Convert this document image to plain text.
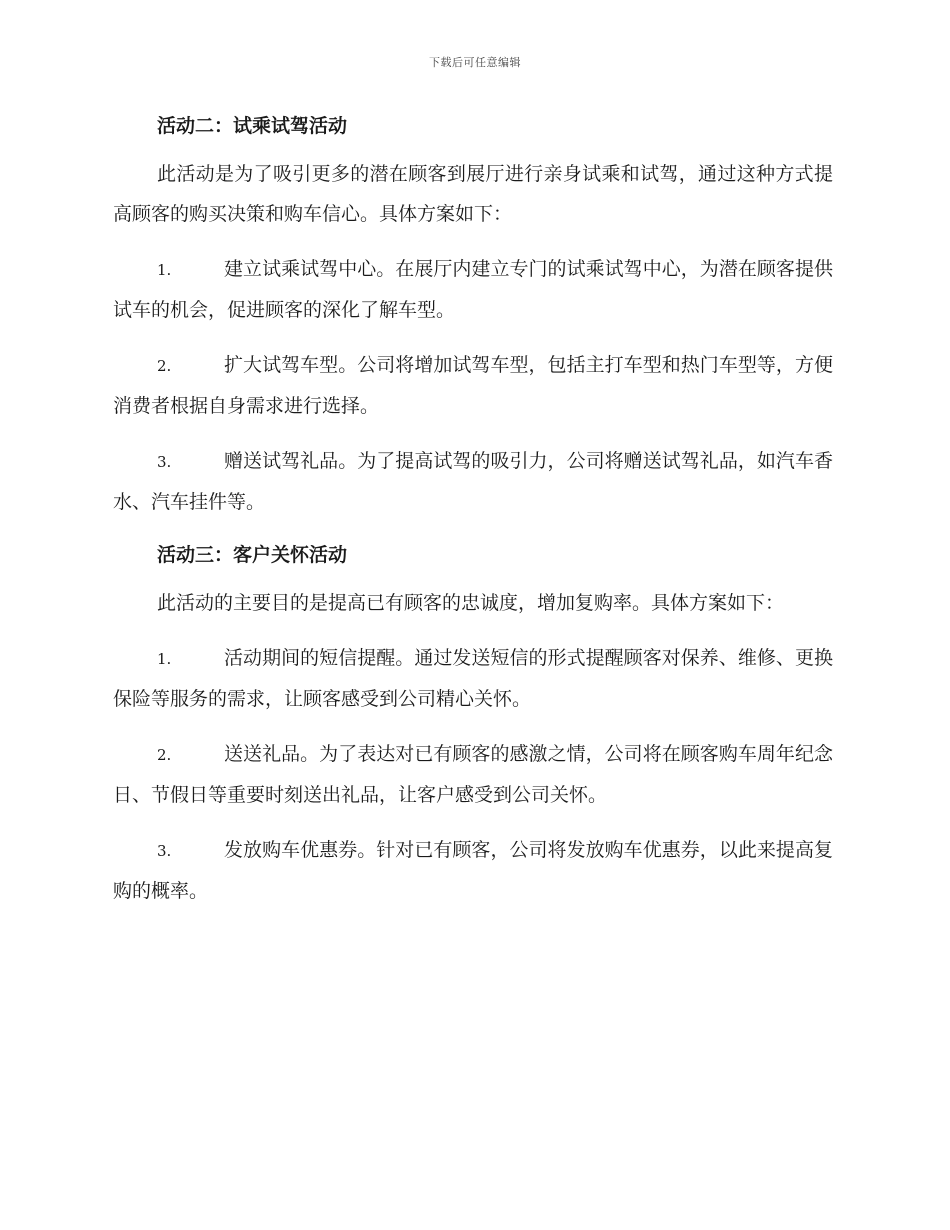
下载后可任意编辑
活动二：试乘试驾活动

此活动是为了吸引更多的潜在顾客到展厅进行亲身试乘和试驾，通过这种方式提高顾客的购买决策和购车信心。具体方案如下：

1.	建立试乘试驾中心。在展厅内建立专门的试乘试驾中心，为潜在顾客提供试车的机会，促进顾客的深化了解车型。

2.	扩大试驾车型。公司将增加试驾车型，包括主打车型和热门车型等，方便消费者根据自身需求进行选择。

3.	赠送试驾礼品。为了提高试驾的吸引力，公司将赠送试驾礼品，如汽车香水、汽车挂件等。

活动三：客户关怀活动

此活动的主要目的是提高已有顾客的忠诚度，增加复购率。具体方案如下：

1.	活动期间的短信提醒。通过发送短信的形式提醒顾客对保养、维修、更换保险等服务的需求，让顾客感受到公司精心关怀。

2.	送送礼品。为了表达对已有顾客的感激之情，公司将在顾客购车周年纪念日、节假日等重要时刻送出礼品，让客户感受到公司关怀。

3.	发放购车优惠券。针对已有顾客，公司将发放购车优惠券，以此来提高复购的概率。
